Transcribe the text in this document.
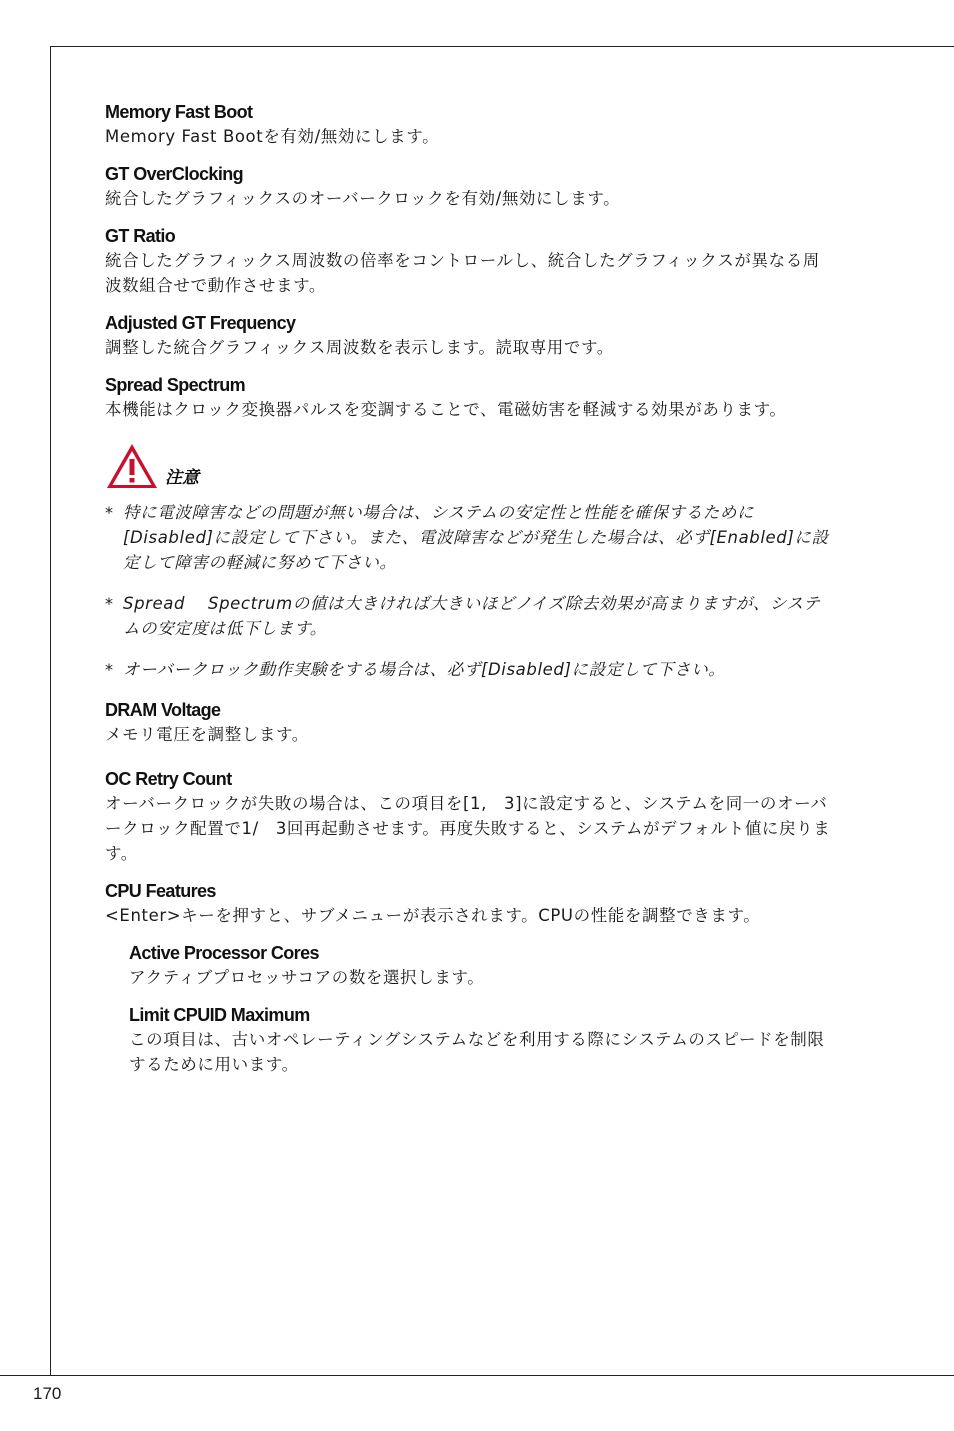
Memory Fast Boot
Memory Fast Bootを有効/無効にします。
GT OverClocking
統合したグラフィックスのオーバークロックを有効/無効にします。
GT Ratio
統合したグラフィックス周波数の倍率をコントロールし、統合したグラフィックスが異なる周波数組合せで動作させます。
Adjusted GT Frequency
調整した統合グラフィックス周波数を表示します。読取専用です。
Spread Spectrum
本機能はクロック変換器パルスを変調することで、電磁妨害を軽減する効果があります。
注意
* 特に電波障害などの問題が無い場合は、システムの安定性と性能を確保するために[Disabled]に設定して下さい。また、電波障害などが発生した場合は、必ず[Enabled]に設定して障害の軽減に努めて下さい。
* Spread　 Spectrumの値は大きければ大きいほどノイズ除去効果が高まりますが、システムの安定度は低下します。
* オーバークロック動作実験をする場合は、必ず[Disabled]に設定して下さい。
DRAM Voltage
メモリ電圧を調整します。
OC Retry Count
オーバークロックが失敗の場合は、この項目を[1,　3]に設定すると、システムを同一のオーバークロック配置で1/　3回再起動させます。再度失敗すると、システムがデフォルト値に戻ります。
CPU Features
<Enter>キーを押すと、サブメニューが表示されます。CPUの性能を調整できます。
Active Processor Cores
アクティブプロセッサコアの数を選択します。
Limit CPUID Maximum
この項目は、古いオペレーティングシステムなどを利用する際にシステムのスピードを制限するために用います。
170
